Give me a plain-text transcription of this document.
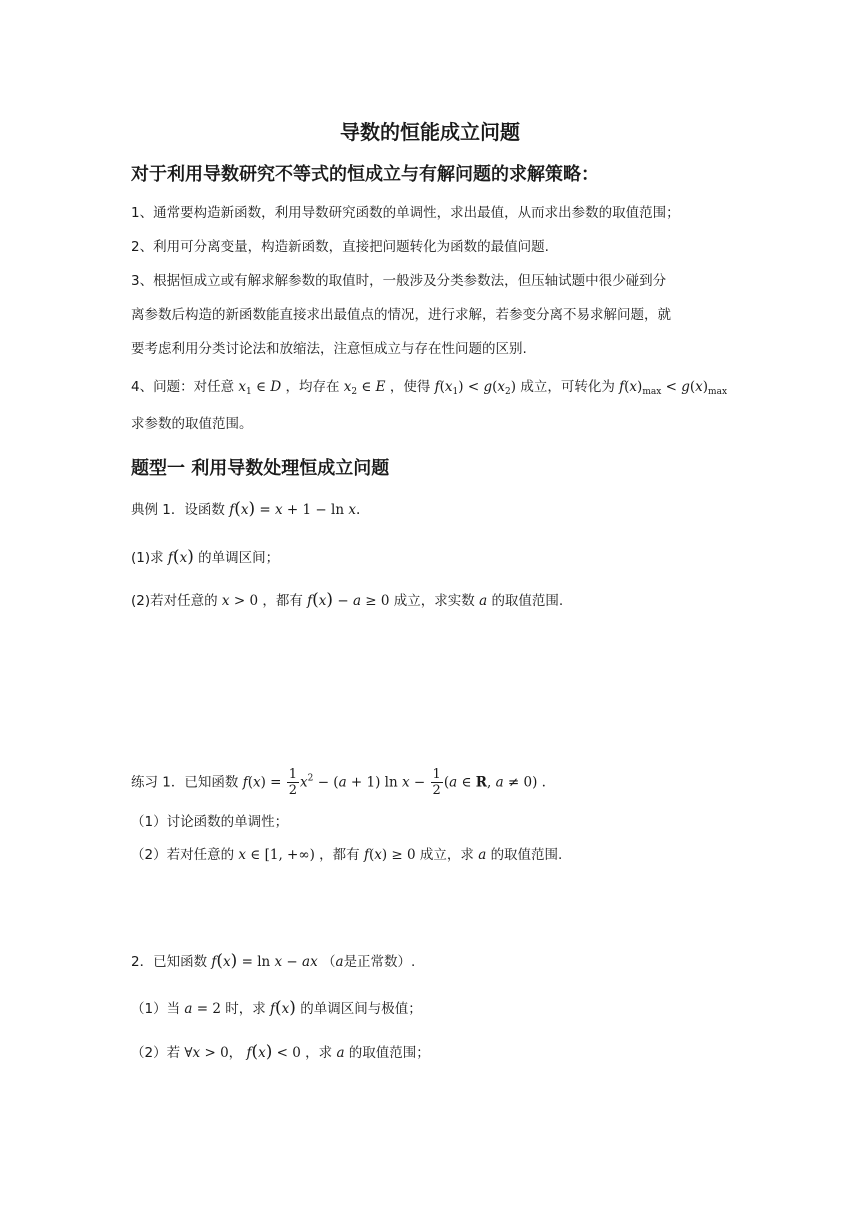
导数的恒能成立问题
对于利用导数研究不等式的恒成立与有解问题的求解策略：
1、通常要构造新函数，利用导数研究函数的单调性，求出最值，从而求出参数的取值范围；
2、利用可分离变量，构造新函数，直接把问题转化为函数的最值问题.
3、根据恒成立或有解求解参数的取值时，一般涉及分类参数法，但压轴试题中很少碰到分
离参数后构造的新函数能直接求出最值点的情况，进行求解，若参变分离不易求解问题，就
要考虑利用分类讨论法和放缩法，注意恒成立与存在性问题的区别.
4、问题：对任意 $x_1$ ∈ D ，均存在 $x_2$ ∈ E ，使得 $f(x_1) < g(x_2)$ 成立，可转化为 $f(x)_{max} < g(x)_{max}$
求参数的取值范围。
题型一 利用导数处理恒成立问题
典例 1．设函数 f(x) = x + 1 − ln x.
(1)求 f(x) 的单调区间；
(2)若对任意的 x > 0 ，都有 f(x) − a ≥ 0 成立，求实数 a 的取值范围.
练习 1．已知函数 $f(x) = \frac{1}{2} x^2 - (a + 1)$ $\ln x - \frac{1}{2} (a$ ∈ R, a ≠ 0) .
（1）讨论函数的单调性；
（2）若对任意的 x ∈ [1, +∞) ，都有 f(x) ≥ 0 成立，求 a 的取值范围.
2．已知函数 f(x) = ln x − ax （a是正常数）.
（1）当 a = 2 时，求 f(x) 的单调区间与极值；
（2）若 ∀x > 0， f(x) < 0 ，求 a 的取值范围；
